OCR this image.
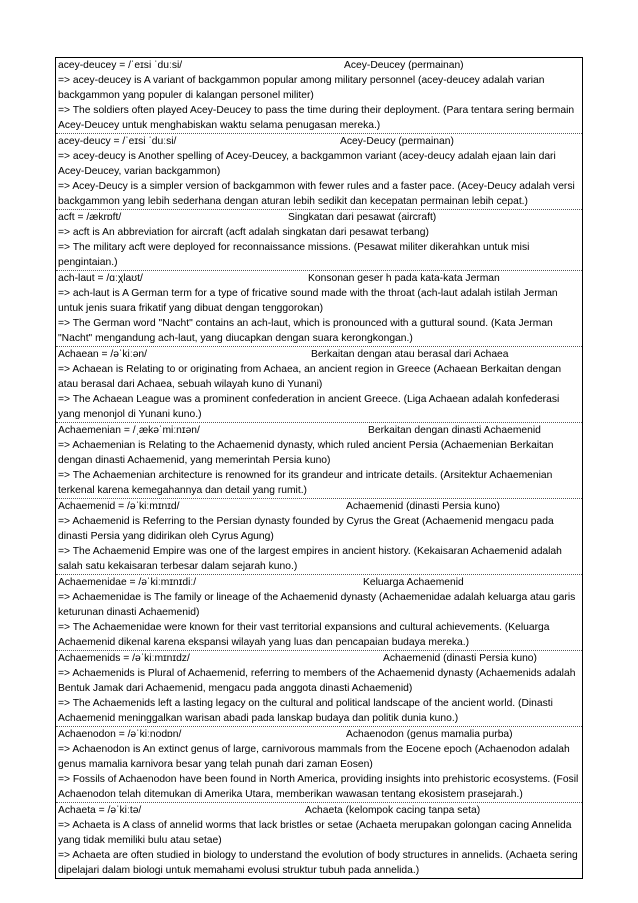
acey-deucey = /ˈeɪsi ˈduːsi/	Acey-Deucey (permainan)
=> acey-deucey is A variant of backgammon popular among military personnel (acey-deucey adalah varian backgammon yang populer di kalangan personel militer)
=> The soldiers often played Acey-Deucey to pass the time during their deployment. (Para tentara sering bermain Acey-Deucey untuk menghabiskan waktu selama penugasan mereka.)
acey-deucy = /ˈeɪsi ˈduːsi/	Acey-Deucy (permainan)
=> acey-deucy is Another spelling of Acey-Deucey, a backgammon variant (acey-deucy adalah ejaan lain dari Acey-Deucey, varian backgammon)
=> Acey-Deucy is a simpler version of backgammon with fewer rules and a faster pace. (Acey-Deucy adalah versi backgammon yang lebih sederhana dengan aturan lebih sedikit dan kecepatan permainan lebih cepat.)
acft = /ækrɒft/	Singkatan dari pesawat (aircraft)
=> acft is An abbreviation for aircraft (acft adalah singkatan dari pesawat terbang)
=> The military acft were deployed for reconnaissance missions. (Pesawat militer dikerahkan untuk misi pengintaian.)
ach-laut = /ɑːχlaʊt/	Konsonan geser h pada kata-kata Jerman
=> ach-laut is A German term for a type of fricative sound made with the throat (ach-laut adalah istilah Jerman untuk jenis suara frikatif yang dibuat dengan tenggorokan)
=> The German word "Nacht" contains an ach-laut, which is pronounced with a guttural sound. (Kata Jerman "Nacht" mengandung ach-laut, yang diucapkan dengan suara kerongkongan.)
Achaean = /əˈkiːən/	Berkaitan dengan atau berasal dari Achaea
=> Achaean is Relating to or originating from Achaea, an ancient region in Greece (Achaean Berkaitan dengan atau berasal dari Achaea, sebuah wilayah kuno di Yunani)
=> The Achaean League was a prominent confederation in ancient Greece. (Liga Achaean adalah konfederasi yang menonjol di Yunani kuno.)
Achaemenian = /ˌækəˈmiːnɪən/	Berkaitan dengan dinasti Achaemenid
=> Achaemenian is Relating to the Achaemenid dynasty, which ruled ancient Persia (Achaemenian Berkaitan dengan dinasti Achaemenid, yang memerintah Persia kuno)
=> The Achaemenian architecture is renowned for its grandeur and intricate details. (Arsitektur Achaemenian terkenal karena kemegahannya dan detail yang rumit.)
Achaemenid = /əˈkiːmɪnɪd/	Achaemenid (dinasti Persia kuno)
=> Achaemenid is Referring to the Persian dynasty founded by Cyrus the Great (Achaemenid mengacu pada dinasti Persia yang didirikan oleh Cyrus Agung)
=> The Achaemenid Empire was one of the largest empires in ancient history. (Kekaisaran Achaemenid adalah salah satu kekaisaran terbesar dalam sejarah kuno.)
Achaemenidae = /əˈkiːmɪnɪdiː/	Keluarga Achaemenid
=> Achaemenidae is The family or lineage of the Achaemenid dynasty (Achaemenidae adalah keluarga atau garis keturunan dinasti Achaemenid)
=> The Achaemenidae were known for their vast territorial expansions and cultural achievements. (Keluarga Achaemenid dikenal karena ekspansi wilayah yang luas dan pencapaian budaya mereka.)
Achaemenids = /əˈkiːmɪnɪdz/	Achaemenid (dinasti Persia kuno)
=> Achaemenids is Plural of Achaemenid, referring to members of the Achaemenid dynasty (Achaemenids adalah Bentuk Jamak dari Achaemenid, mengacu pada anggota dinasti Achaemenid)
=> The Achaemenids left a lasting legacy on the cultural and political landscape of the ancient world. (Dinasti Achaemenid meninggalkan warisan abadi pada lanskap budaya dan politik dunia kuno.)
Achaenodon = /əˈkiːnodɒn/	Achaenodon (genus mamalia purba)
=> Achaenodon is An extinct genus of large, carnivorous mammals from the Eocene epoch (Achaenodon adalah genus mamalia karnivora besar yang telah punah dari zaman Eosen)
=> Fossils of Achaenodon have been found in North America, providing insights into prehistoric ecosystems. (Fosil Achaenodon telah ditemukan di Amerika Utara, memberikan wawasan tentang ekosistem prasejarah.)
Achaeta = /əˈkiːtə/	Achaeta (kelompok cacing tanpa seta)
=> Achaeta is A class of annelid worms that lack bristles or setae (Achaeta merupakan golongan cacing Annelida yang tidak memiliki bulu atau setae)
=> Achaeta are often studied in biology to understand the evolution of body structures in annelids. (Achaeta sering dipelajari dalam biologi untuk memahami evolusi struktur tubuh pada annelida.)
